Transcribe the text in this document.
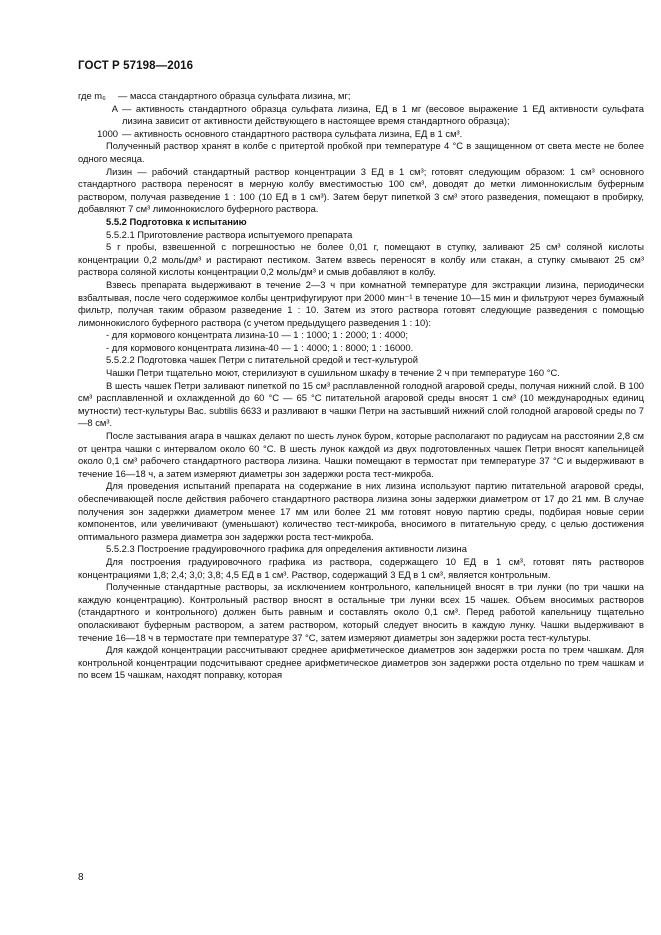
ГОСТ Р 57198—2016
где m₆	— масса стандартного образца сульфата лизина, мг;
A — активность стандартного образца сульфата лизина, ЕД в 1 мг (весовое выражение 1 ЕД активности сульфата лизина зависит от активности действующего в настоящее время стандартного образца);
1000 — активность основного стандартного раствора сульфата лизина, ЕД в 1 см³.

Полученный раствор хранят в колбе с притертой пробкой при температуре 4 °C в защищенном от света месте не более одного месяца.

Лизин — рабочий стандартный раствор концентрации 3 ЕД в 1 см³; готовят следующим образом: 1 см³ основного стандартного раствора переносят в мерную колбу вместимостью 100 см³, доводят до метки лимоннокислым буферным раствором, получая разведение 1 : 100 (10 ЕД в 1 см³). Затем берут пипеткой 3 см³ этого разведения, помещают в пробирку, добавляют 7 см³ лимоннокислого буферного раствора.

5.5.2 Подготовка к испытанию

5.5.2.1 Приготовление раствора испытуемого препарата

5 г пробы, взвешенной с погрешностью не более 0,01 г, помещают в ступку, заливают 25 см³ соляной кислоты концентрации 0,2 моль/дм³ и растирают пестиком. Затем взвесь переносят в колбу или стакан, а ступку смывают 25 см³ раствора соляной кислоты концентрации 0,2 моль/дм³ и смыв добавляют в колбу.

Взвесь препарата выдерживают в течение 2—3 ч при комнатной температуре для экстракции лизина, периодически взбалтывая, после чего содержимое колбы центрифугируют при 2000 мин⁻¹ в течение 10—15 мин и фильтруют через бумажный фильтр, получая таким образом разведение 1 : 10. Затем из этого раствора готовят следующие разведения с помощью лимоннокислого буферного раствора (с учетом предыдущего разведения 1 : 10):

- для кормового концентрата лизина-10 — 1 : 1000; 1 : 2000; 1 : 4000;

- для кормового концентрата лизина-40 — 1 : 4000; 1 : 8000; 1 : 16000.

5.5.2.2 Подготовка чашек Петри с питательной средой и тест-культурой

Чашки Петри тщательно моют, стерилизуют в сушильном шкафу в течение 2 ч при температуре 160 °C.

В шесть чашек Петри заливают пипеткой по 15 см³ расплавленной голодной агаровой среды, получая нижний слой. В 100 см³ расплавленной и охлажденной до 60 °C — 65 °C питательной агаровой среды вносят 1 см³ (10 международных единиц мутности) тест-культуры Bac. subtilis 6633 и разливают в чашки Петри на застывший нижний слой голодной агаровой среды по 7—8 см³.

После застывания агара в чашках делают по шесть лунок буром, которые располагают по радиусам на расстоянии 2,8 см от центра чашки с интервалом около 60 °C. В шесть лунок каждой из двух подготовленных чашек Петри вносят капельницей около 0,1 см³ рабочего стандартного раствора лизина. Чашки помещают в термостат при температуре 37 °C и выдерживают в течение 16—18 ч, а затем измеряют диаметры зон задержки роста тест-микроба.

Для проведения испытаний препарата на содержание в них лизина используют партию питательной агаровой среды, обеспечивающей после действия рабочего стандартного раствора лизина зоны задержки диаметром от 17 до 21 мм. В случае получения зон задержки диаметром менее 17 мм или более 21 мм готовят новую партию среды, подбирая новые серии компонентов, или увеличивают (уменьшают) количество тест-микроба, вносимого в питательную среду, с целью достижения оптимального размера диаметра зон задержки роста тест-микроба.

5.5.2.3 Построение градуировочного графика для определения активности лизина

Для построения градуировочного графика из раствора, содержащего 10 ЕД в 1 см³, готовят пять растворов концентрациями 1,8; 2,4; 3,0; 3,8; 4,5 ЕД в 1 см³. Раствор, содержащий 3 ЕД в 1 см³, является контрольным.

Полученные стандартные растворы, за исключением контрольного, капельницей вносят в три лунки (по три чашки на каждую концентрацию). Контрольный раствор вносят в остальные три лунки всех 15 чашек. Объем вносимых растворов (стандартного и контрольного) должен быть равным и составлять около 0,1 см³. Перед работой капельницу тщательно ополаскивают буферным раствором, а затем раствором, который следует вносить в каждую лунку. Чашки выдерживают в течение 16—18 ч в термостате при температуре 37 °C, затем измеряют диаметры зон задержки роста тест-культуры.

Для каждой концентрации рассчитывают среднее арифметическое диаметров зон задержки роста по трем чашкам. Для контрольной концентрации подсчитывают среднее арифметическое диаметров зон задержки роста отдельно по трем чашкам и по всем 15 чашкам, находят поправку, которая

8
